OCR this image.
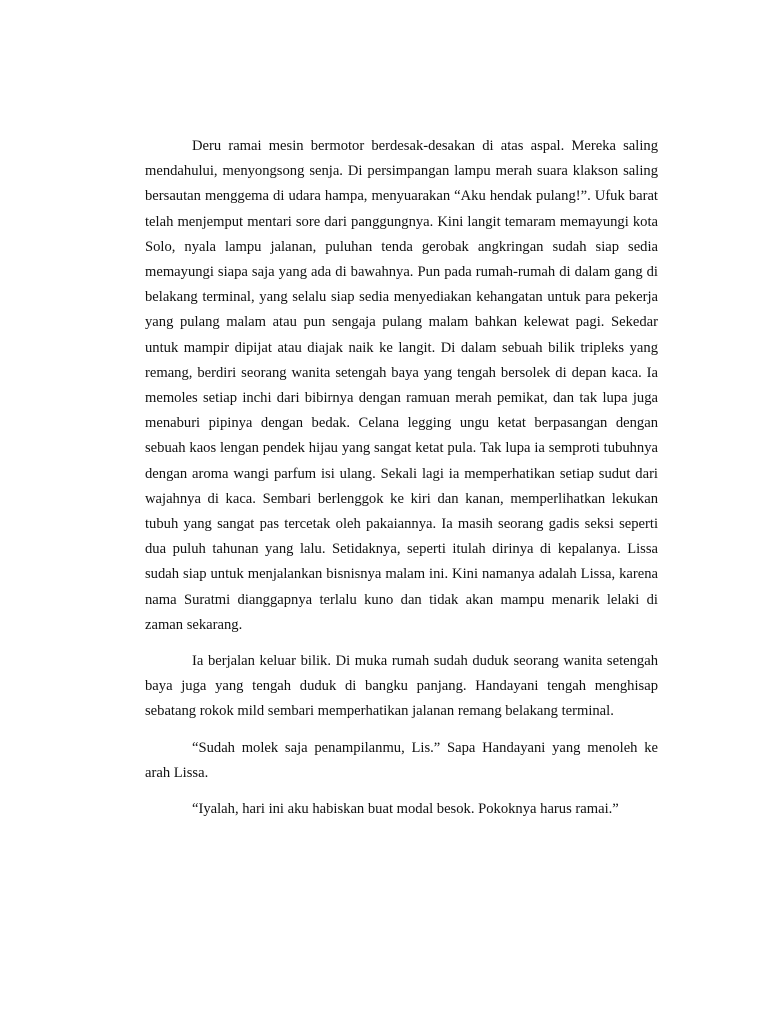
Deru ramai mesin bermotor berdesak-desakan di atas aspal. Mereka saling mendahului, menyongsong senja. Di persimpangan lampu merah suara klakson saling bersautan menggema di udara hampa, menyuarakan “Aku hendak pulang!”. Ufuk barat telah menjemput mentari sore dari panggungnya. Kini langit temaram memayungi kota Solo, nyala lampu jalanan, puluhan tenda gerobak angkringan sudah siap sedia memayungi siapa saja yang ada di bawahnya. Pun pada rumah-rumah di dalam gang di belakang terminal, yang selalu siap sedia menyediakan kehangatan untuk para pekerja yang pulang malam atau pun sengaja pulang malam bahkan kelewat pagi. Sekedar untuk mampir dipijat atau diajak naik ke langit. Di dalam sebuah bilik tripleks yang remang, berdiri seorang wanita setengah baya yang tengah bersolek di depan kaca. Ia memoles setiap inchi dari bibirnya dengan ramuan merah pemikat, dan tak lupa juga menaburi pipinya dengan bedak. Celana legging ungu ketat berpasangan dengan sebuah kaos lengan pendek hijau yang sangat ketat pula. Tak lupa ia semproti tubuhnya dengan aroma wangi parfum isi ulang. Sekali lagi ia memperhatikan setiap sudut dari wajahnya di kaca. Sembari berlenggok ke kiri dan kanan, memperlihatkan lekukan tubuh yang sangat pas tercetak oleh pakaiannya. Ia masih seorang gadis seksi seperti dua puluh tahunan yang lalu. Setidaknya, seperti itulah dirinya di kepalanya. Lissa sudah siap untuk menjalankan bisnisnya malam ini. Kini namanya adalah Lissa, karena nama Suratmi dianggapnya terlalu kuno dan tidak akan mampu menarik lelaki di zaman sekarang.

Ia berjalan keluar bilik. Di muka rumah sudah duduk seorang wanita setengah baya juga yang tengah duduk di bangku panjang. Handayani tengah menghisap sebatang rokok mild sembari memperhatikan jalanan remang belakang terminal.

“Sudah molek saja penampilanmu, Lis.” Sapa Handayani yang menoleh ke arah Lissa.

“Iyalah, hari ini aku habiskan buat modal besok. Pokoknya harus ramai.”
